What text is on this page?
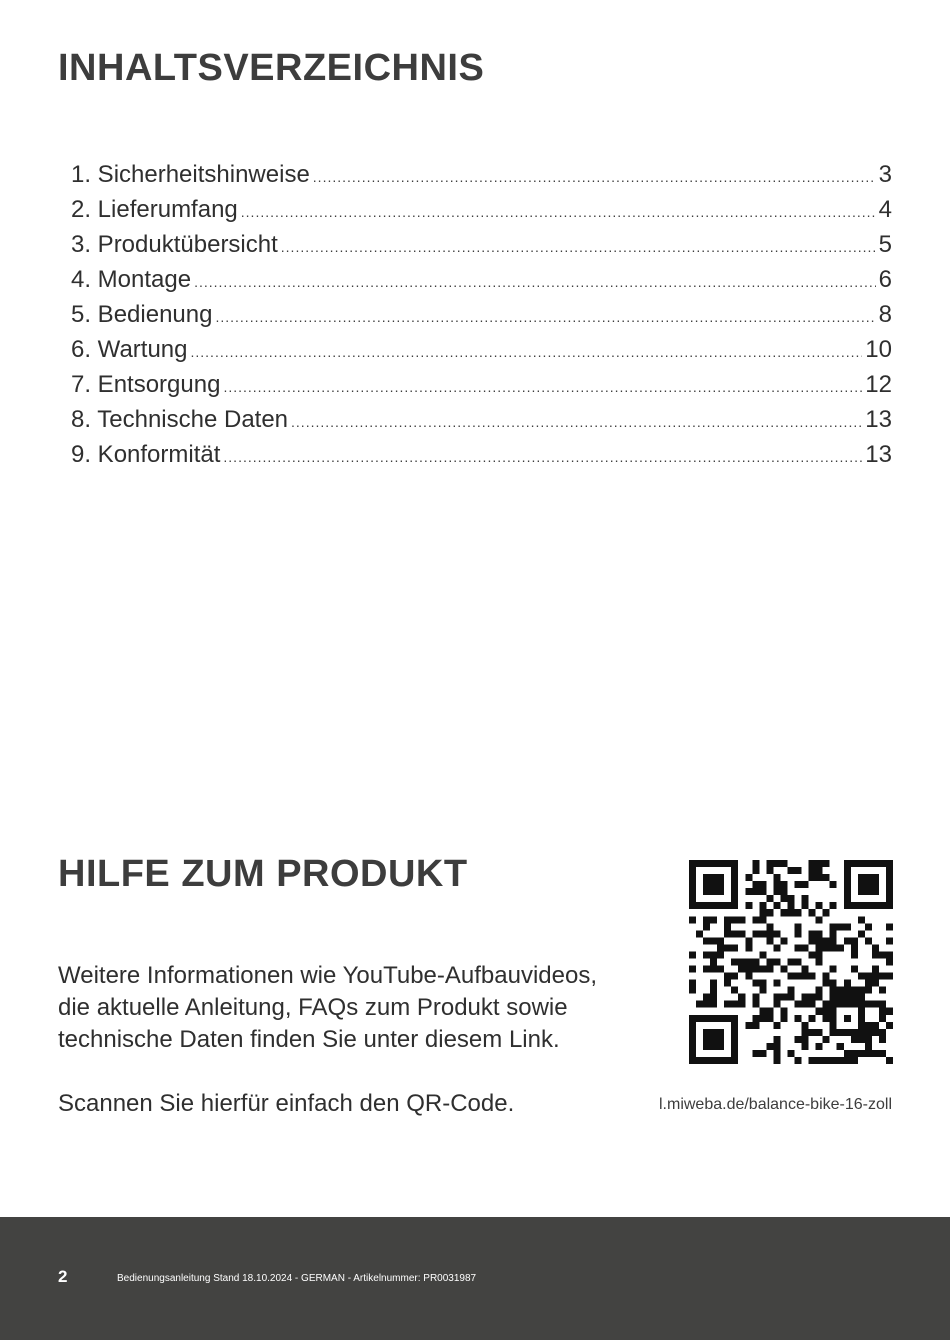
INHALTSVERZEICHNIS
1. Sicherheitshinweise .....	3
2. Lieferumfang .....	4
3. Produktübersicht .....	5
4. Montage .....	6
5. Bedienung .....	8
6. Wartung .....	10
7. Entsorgung .....	12
8. Technische Daten .....	13
9. Konformität .....	13
HILFE ZUM PRODUKT
Weitere Informationen wie YouTube-Aufbauvideos,
die aktuelle Anleitung, FAQs zum Produkt sowie
technische Daten finden Sie unter diesem Link.
Scannen Sie hierfür einfach den QR-Code.	l.miweba.de/balance-bike-16-zoll
2	Bedienungsanleitung Stand 18.10.2024 - GERMAN - Artikelnummer: PR0031987
